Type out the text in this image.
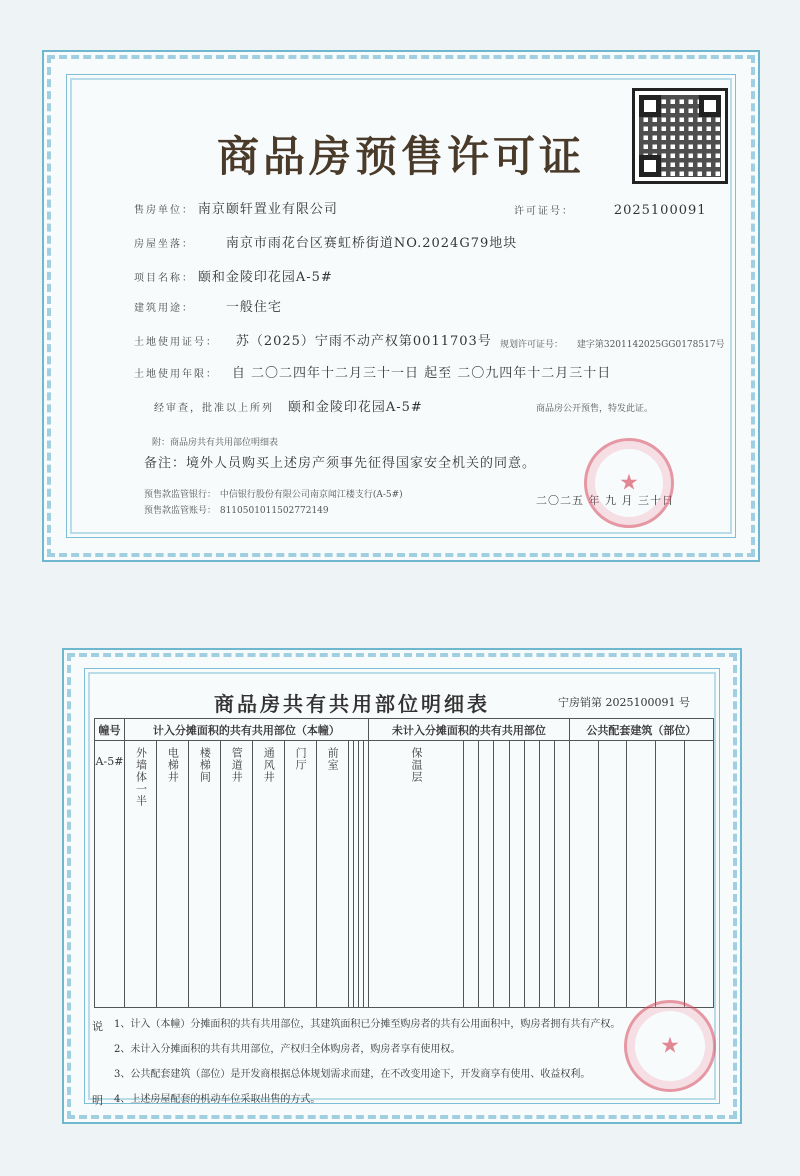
商品房预售许可证
售房单位： 南京颐轩置业有限公司	许可证号：	2025100091
房屋坐落： 南京市雨花台区赛虹桥街道NO.2024G79地块
项目名称： 颐和金陵印花园A-5#
建筑用途： 一般住宅
土地使用证号： 苏（2025）宁雨不动产权第0011703号 规划许可证号： 建字第3201142025GG0178517号
土地使用年限： 自 二〇二四年十二月三十一日 起至 二〇九四年十二月三十日
经审查，批准以上所列 颐和金陵印花园A-5#	商品房公开预售，特发此证。
附：商品房共有共用部位明细表
备注：境外人员购买上述房产须事先征得国家安全机关的同意。
预售款监管银行： 中信银行股份有限公司南京闻江楼支行(A-5#)
预售款监管账号： 8110501011502772149
二〇二五 年 九 月 三十日
★
商品房共有共用部位明细表	宁房销第 2025100091 号
幢号	计入分摊面积的共有共用部位（本幢）											未计入分摊面积的共有共用部位								公共配套建筑（部位）				
A-5#	外墙体一半	电梯井	楼梯间	管道井	通风井	门厅	前室					保温层												
说
明
1、计入（本幢）分摊面积的共有共用部位，其建筑面积已分摊至购房者的共有公用面积中，购房者拥有共有产权。
2、未计入分摊面积的共有共用部位，产权归全体购房者，购房者享有使用权。
3、公共配套建筑（部位）是开发商根据总体规划需求而建，在不改变用途下，开发商享有使用、收益权利。
4、上述房屋配套的机动车位采取出售的方式。
★
